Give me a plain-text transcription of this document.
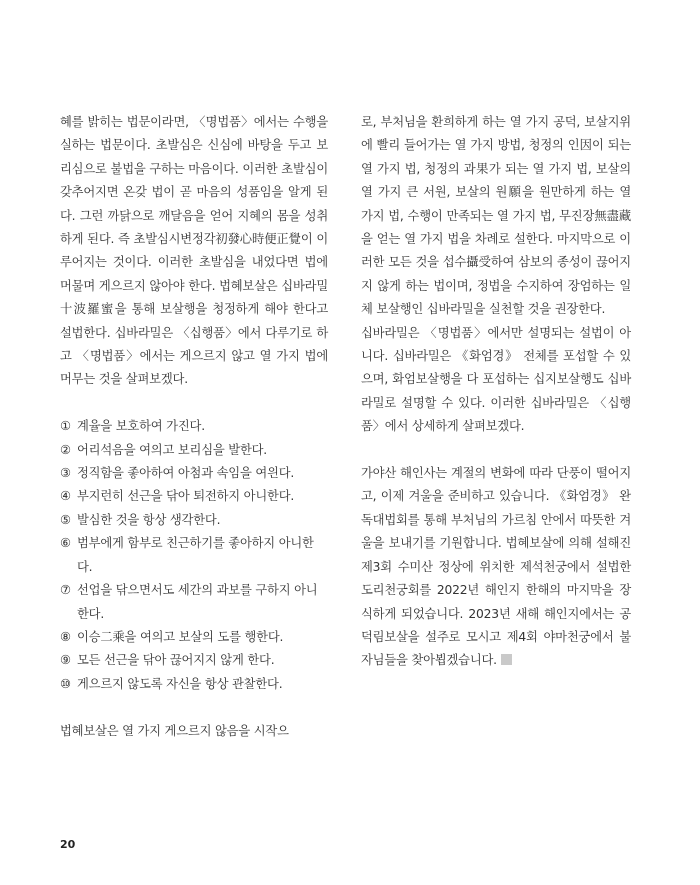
혜를 밝히는 법문이라면, 〈명법품〉에서는 수행을 실하는 법문이다. 초발심은 신심에 바탕을 두고 보리심으로 불법을 구하는 마음이다. 이러한 초발심이 갖추어지면 온갖 법이 곧 마음의 성품임을 알게 된다. 그런 까닭으로 깨달음을 얻어 지혜의 몸을 성취하게 된다. 즉 초발심시변정각初發心時便正覺이 이루어지는 것이다. 이러한 초발심을 내었다면 법에 머물며 게으르지 않아야 한다. 법혜보살은 십바라밀十波羅蜜을 통해 보살행을 청정하게 해야 한다고 설법한다. 십바라밀은 〈십행품〉에서 다루기로 하고 〈명법품〉에서는 게으르지 않고 열 가지 법에 머무는 것을 살펴보겠다.

① 계율을 보호하여 가진다.
② 어리석음을 여의고 보리심을 발한다.
③ 정직함을 좋아하여 아첨과 속임을 여읜다.
④ 부지런히 선근을 닦아 퇴전하지 아니한다.
⑤ 발심한 것을 항상 생각한다.
⑥ 범부에게 함부로 친근하기를 좋아하지 아니한다.
⑦ 선업을 닦으면서도 세간의 과보를 구하지 아니한다.
⑧ 이승二乘을 여의고 보살의 도를 행한다.
⑨ 모든 선근을 닦아 끊어지지 않게 한다.
⑩ 게으르지 않도록 자신을 항상 관찰한다.

법혜보살은 열 가지 게으르지 않음을 시작으

로, 부처님을 환희하게 하는 열 가지 공덕, 보살지위에 빨리 들어가는 열 가지 방법, 청정의 인因이 되는 열 가지 법, 청정의 과果가 되는 열 가지 법, 보살의 열 가지 큰 서원, 보살의 원願을 원만하게 하는 열 가지 법, 수행이 만족되는 열 가지 법, 무진장無盡藏을 얻는 열 가지 법을 차례로 설한다. 마지막으로 이러한 모든 것을 섭수攝受하여 삼보의 종성이 끊어지지 않게 하는 법이며, 정법을 수지하여 장엄하는 일체 보살행인 십바라밀을 실천할 것을 권장한다.

십바라밀은 〈명법품〉에서만 설명되는 설법이 아니다. 십바라밀은 《화엄경》 전체를 포섭할 수 있으며, 화엄보살행을 다 포섭하는 십지보살행도 십바라밀로 설명할 수 있다. 이러한 십바라밀은 〈십행품〉에서 상세하게 살펴보겠다.

가야산 해인사는 계절의 변화에 따라 단풍이 떨어지고, 이제 겨울을 준비하고 있습니다. 《화엄경》 완독대법회를 통해 부처님의 가르침 안에서 따뜻한 겨울을 보내기를 기원합니다. 법혜보살에 의해 설해진 제3회 수미산 정상에 위치한 제석천궁에서 설법한 도리천궁회를 2022년 해인지 한해의 마지막을 장식하게 되었습니다. 2023년 새해 해인지에서는 공덕림보살을 설주로 모시고 제4회 야마천궁에서 불자님들을 찾아뵙겠습니다.

20
